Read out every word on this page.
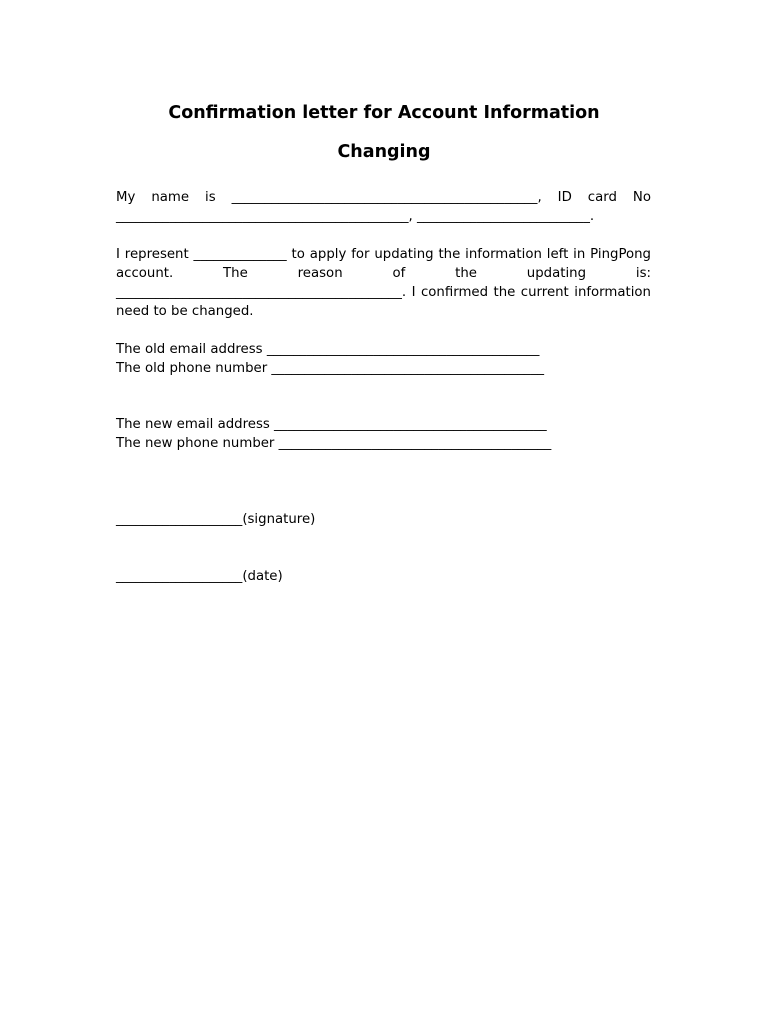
Confirmation letter for Account Information
Changing

My name is ______________________________________________, ID card No ____________________________________________, __________________________.

I represent ______________ to apply for updating the information left in PingPong account. The reason of the updating is: ___________________________________________. I confirmed the current information need to be changed.

The old email address _________________________________________

The old phone number _________________________________________

The new email address _________________________________________

The new phone number _________________________________________

___________________(signature)

___________________(date)
